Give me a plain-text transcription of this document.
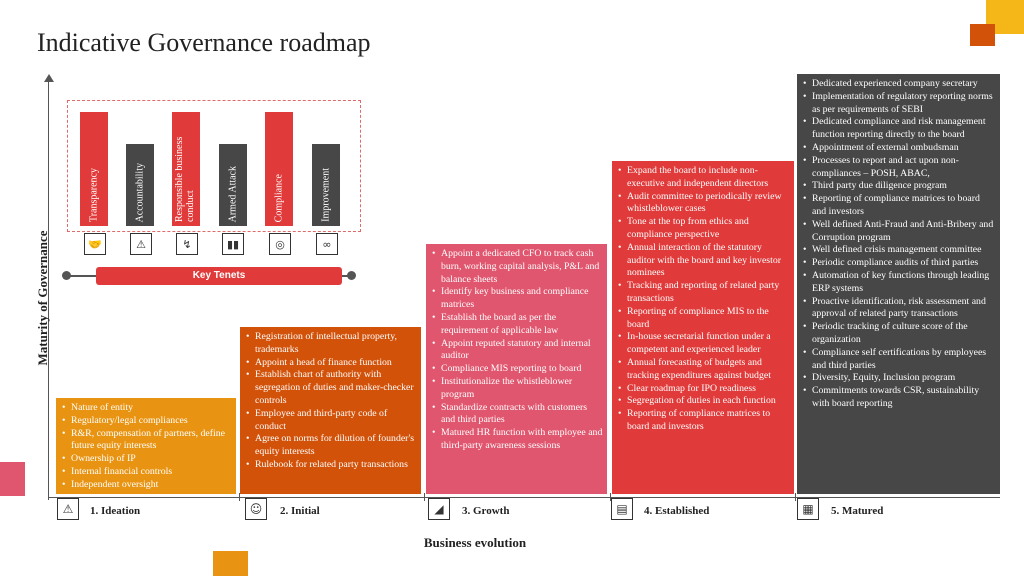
Indicative Governance roadmap
Maturity of Governance
Business evolution
Transparency	Accountability	Responsible business conduct	Armed Attack	Compliance	Improvement
🤝	⚠	↯	▮▮	◎	∞
Key Tenets
• Nature of entity
• Regulatory/legal compliances
• R&R, compensation of partners, define future equity interests
• Ownership of IP
• Internal financial controls
• Independent oversight
• Registration of intellectual property, trademarks
• Appoint a head of finance function
• Establish chart of authority with segregation of duties and maker-checker controls
• Employee and third-party code of conduct
• Agree on norms for dilution of founder's equity interests
• Rulebook for related party transactions
• Appoint a dedicated CFO to track cash burn, working capital analysis, P&L and balance sheets
• Identify key business and compliance matrices
• Establish the board as per the requirement of applicable law
• Appoint reputed statutory and internal auditor
• Compliance MIS reporting to board
• Institutionalize the whistleblower program
• Standardize contracts with customers and third parties
• Matured HR function with employee and third-party awareness sessions
• Expand the board to include non-executive and independent directors
• Audit committee to periodically review whistleblower cases
• Tone at the top from ethics and compliance perspective
• Annual interaction of the statutory auditor with the board and key investor nominees
• Tracking and reporting of related party transactions
• Reporting of compliance MIS to the board
• In-house secretarial function under a competent and experienced leader
• Annual forecasting of budgets and tracking expenditures against budget
• Clear roadmap for IPO readiness
• Segregation of duties in each function
• Reporting of compliance matrices to board and investors
• Dedicated experienced company secretary
• Implementation of regulatory reporting norms as per requirements of SEBI
• Dedicated compliance and risk management function reporting directly to the board
• Appointment of external ombudsman
• Processes to report and act upon non-compliances – POSH, ABAC,
• Third party due diligence program
• Reporting of compliance matrices to board and investors
• Well defined Anti-Fraud and Anti-Bribery and Corruption program
• Well defined crisis management committee
• Periodic compliance audits of third parties
• Automation of key functions through leading ERP systems
• Proactive identification, risk assessment and approval of related party transactions
• Periodic tracking of culture score of the organization
• Compliance self certifications by employees and third parties
• Diversity, Equity, Inclusion program
• Commitments towards CSR, sustainability with board reporting
⚠	1. Ideation	☺	2. Initial	◢	3. Growth	▤	4. Established	▦	5. Matured
